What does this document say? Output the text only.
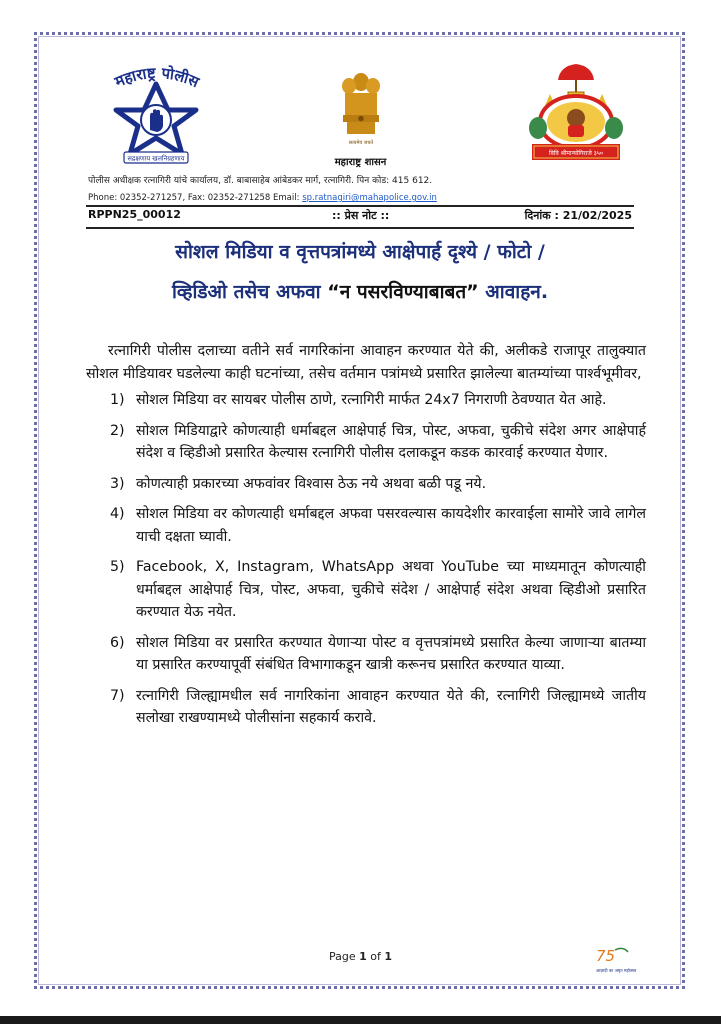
महाराष्ट्र पोलीस
सद्रक्षणाय खलनिग्रहणाय
सत्यमेव जयते
विवि श्रीमान्योगिराजे ३५०
महाराष्ट्र शासन
पोलीस अधीक्षक रत्नागिरी यांचे कार्यालय, डॉ. बाबासाहेब आंबेडकर मार्ग, रत्नागिरी. पिन कोड: 415 612.
Phone: 02352-271257, Fax: 02352-271258 Email: sp.ratnagiri@mahapolice.gov.in
RPPN25_00012	:: प्रेस नोट ::	दिनांक : 21/02/2025
सोशल मिडिया व वृत्तपत्रांमध्ये आक्षेपार्ह दृश्ये / फोटो /
व्हिडिओ तसेच अफवा “न पसरविण्याबाबत” आवाहन.

रत्नागिरी पोलीस दलाच्या वतीने सर्व नागरिकांना आवाहन करण्यात येते की, अलीकडे राजापूर तालुक्यात सोशल मीडियावर घडलेल्या काही घटनांच्या, तसेच वर्तमान पत्रांमध्ये प्रसारित झालेल्या बातम्यांच्या पार्श्वभूमीवर,

1) सोशल मिडिया वर सायबर पोलीस ठाणे, रत्नागिरी मार्फत 24x7 निगराणी ठेवण्यात येत आहे.
2) सोशल मिडियाद्वारे कोणत्याही धर्माबद्दल आक्षेपार्ह चित्र, पोस्ट, अफवा, चुकीचे संदेश अगर आक्षेपार्ह संदेश व व्हिडीओ प्रसारित केल्यास रत्नागिरी पोलीस दलाकडून कडक कारवाई करण्यात येणार.
3) कोणत्याही प्रकारच्या अफवांवर विश्वास ठेऊ नये अथवा बळी पडू नये.
4) सोशल मिडिया वर कोणत्याही धर्माबद्दल अफवा पसरवल्यास कायदेशीर कारवाईला सामोरे जावे लागेल याची दक्षता घ्यावी.
5) Facebook, X, Instagram, WhatsApp अथवा YouTube च्या माध्यमातून कोणत्याही धर्माबद्दल आक्षेपार्ह चित्र, पोस्ट, अफवा, चुकीचे संदेश / आक्षेपार्ह संदेश अथवा व्हिडीओ प्रसारित करण्यात येऊ नयेत.
6) सोशल मिडिया वर प्रसारित करण्यात येणाऱ्या पोस्ट व वृत्तपत्रांमध्ये प्रसारित केल्या जाणाऱ्या बातम्या या प्रसारित करण्यापूर्वी संबंधित विभागाकडून खात्री करूनच प्रसारित करण्यात याव्या.
7) रत्नागिरी जिल्ह्यामधील सर्व नागरिकांना आवाहन करण्यात येते की, रत्नागिरी जिल्ह्यामध्ये जातीय सलोखा राखण्यामध्ये पोलीसांना सहकार्य करावे.
Page 1 of 1	75
आज़ादी का अमृत महोत्सव
